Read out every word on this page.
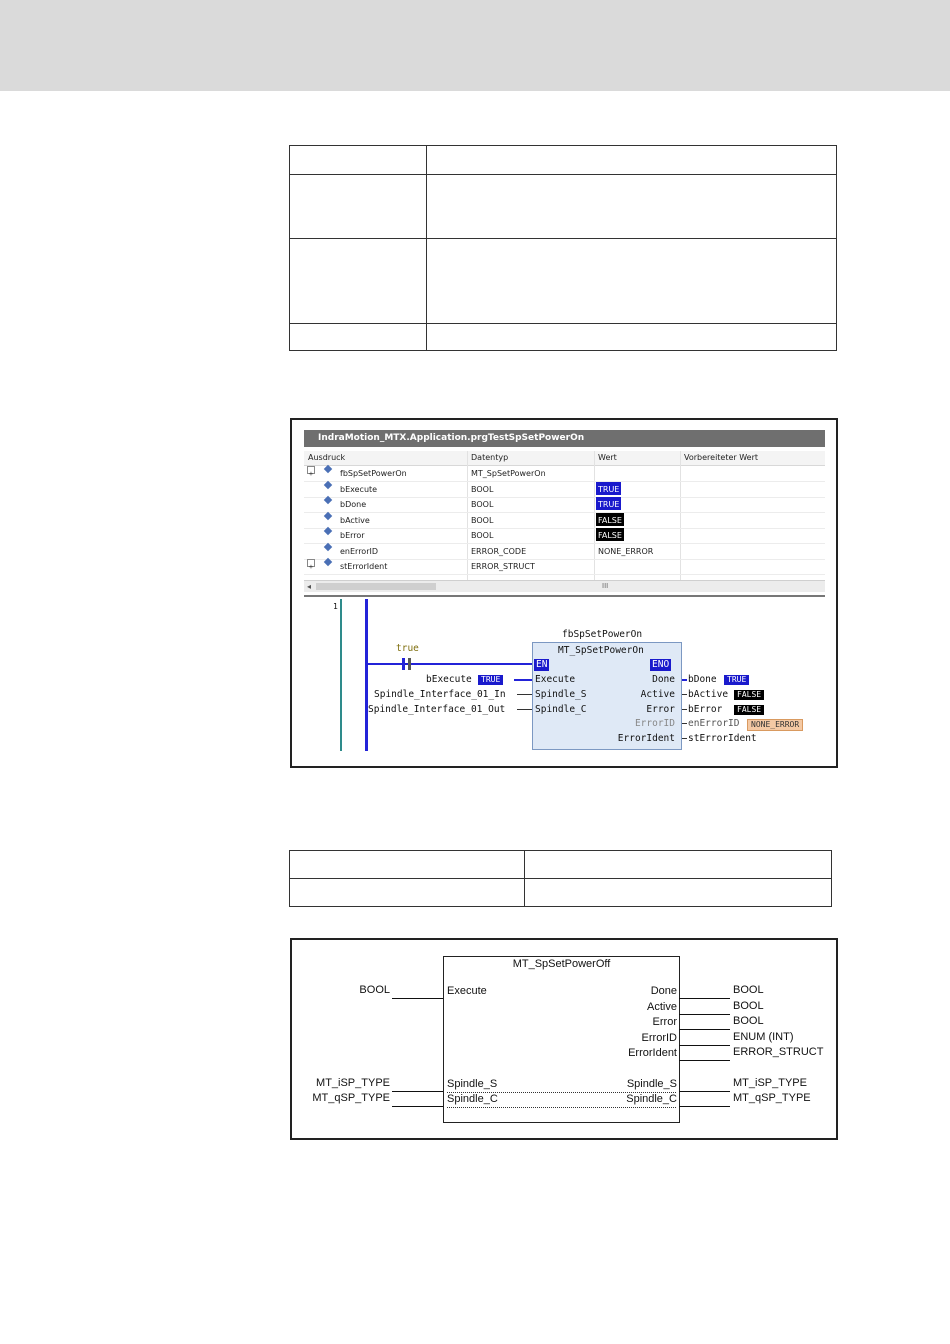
IndraMotion_MTX.Application.prgTestSpSetPowerOn
Ausdruck	Datentyp	Wert	Vorbereiteter Wert
+	fbSpSetPowerOn	MT_SpSetPowerOn
bExecute	BOOL	TRUE
bDone	BOOL	TRUE
bActive	BOOL	FALSE
bError	BOOL	FALSE
enErrorID	ERROR_CODE	NONE_ERROR
+	stErrorIdent	ERROR_STRUCT
◂	III
1
true
fbSpSetPowerOn
MT_SpSetPowerOn
EN	ENO
Execute
Spindle_S
Spindle_C
Done
Active
Error
ErrorID
ErrorIdent
bExecute	TRUE
Spindle_Interface_01_In
Spindle_Interface_01_Out
bDone	TRUE
bActive	FALSE
bError	FALSE
enErrorID	NONE_ERROR
stErrorIdent

MT_SpSetPowerOff
Execute
Spindle_S
Spindle_C
Done
Active
Error
ErrorID
ErrorIdent
Spindle_S
Spindle_C
BOOL
MT_iSP_TYPE
MT_qSP_TYPE
BOOL
BOOL
BOOL
ENUM (INT)
ERROR_STRUCT
MT_iSP_TYPE
MT_qSP_TYPE
